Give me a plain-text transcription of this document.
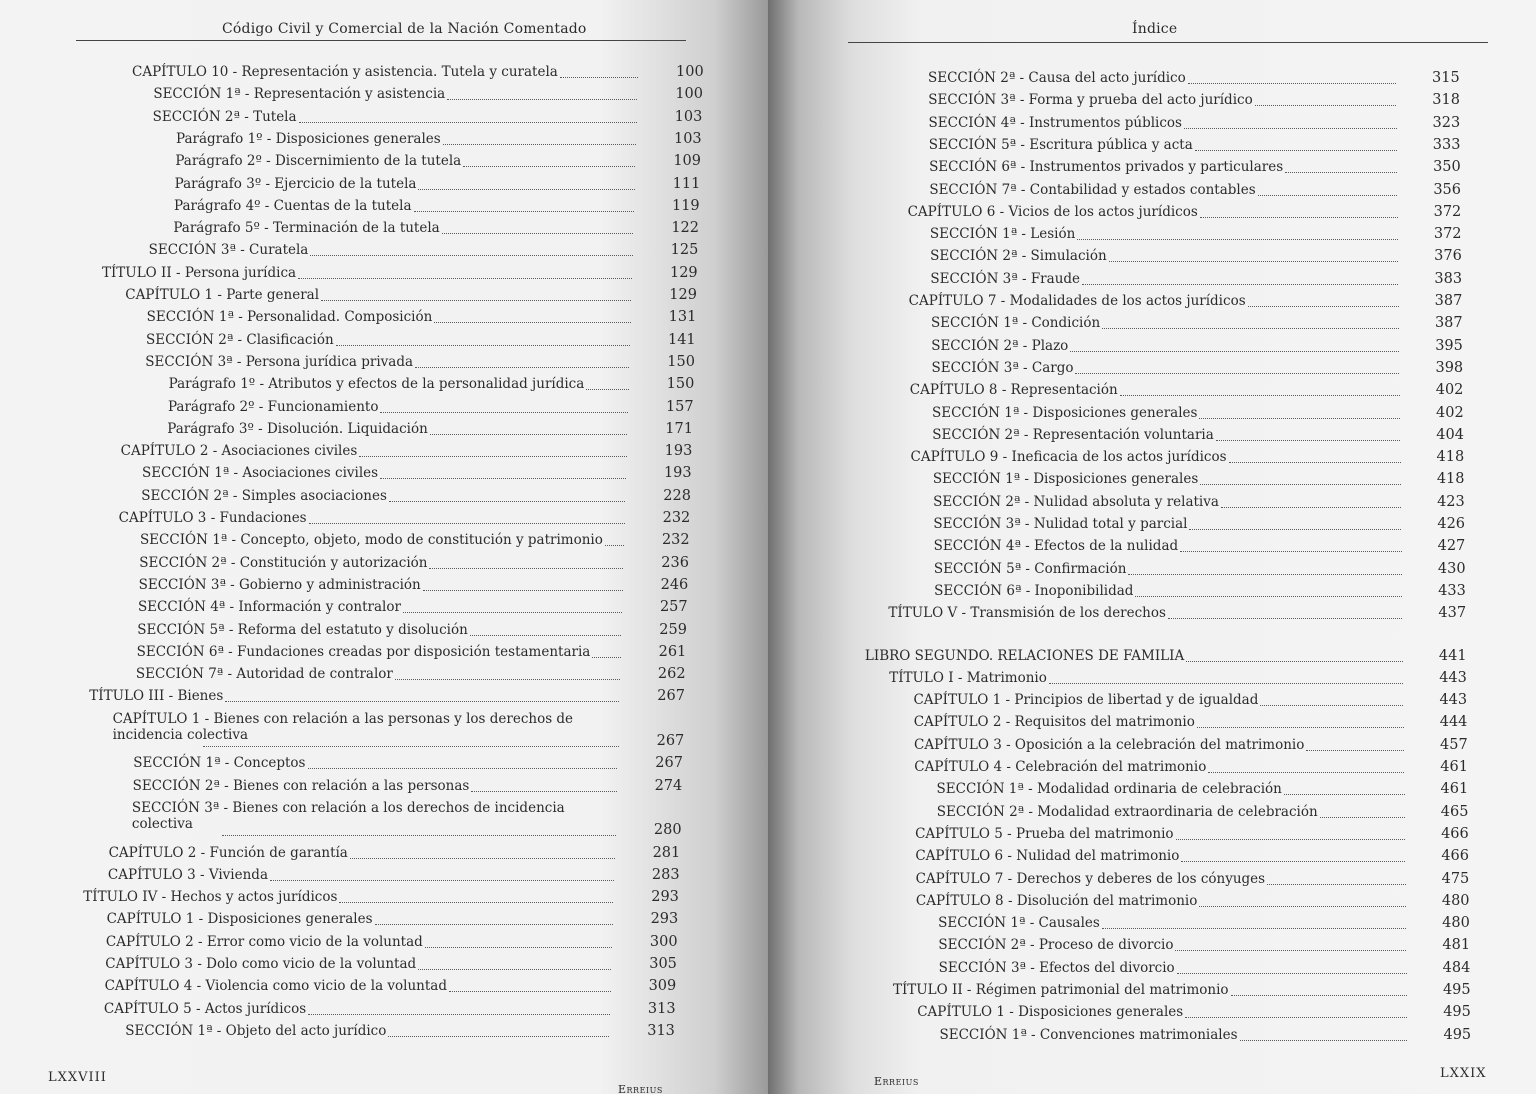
Código Civil y Comercial de la Nación Comentado
CAPÍTULO 10 - Representación y asistencia. Tutela y curatela	100
SECCIÓN 1ª - Representación y asistencia	100
SECCIÓN 2ª - Tutela	103
Parágrafo 1º - Disposiciones generales	103
Parágrafo 2º - Discernimiento de la tutela	109
Parágrafo 3º - Ejercicio de la tutela	111
Parágrafo 4º - Cuentas de la tutela	119
Parágrafo 5º - Terminación de la tutela	122
SECCIÓN 3ª - Curatela	125
TÍTULO II - Persona jurídica	129
CAPÍTULO 1 - Parte general	129
SECCIÓN 1ª - Personalidad. Composición	131
SECCIÓN 2ª - Clasificación	141
SECCIÓN 3ª - Persona jurídica privada	150
Parágrafo 1º - Atributos y efectos de la personalidad jurídica	150
Parágrafo 2º - Funcionamiento	157
Parágrafo 3º - Disolución. Liquidación	171
CAPÍTULO 2 - Asociaciones civiles	193
SECCIÓN 1ª - Asociaciones civiles	193
SECCIÓN 2ª - Simples asociaciones	228
CAPÍTULO 3 - Fundaciones	232
SECCIÓN 1ª - Concepto, objeto, modo de constitución y patrimonio	232
SECCIÓN 2ª - Constitución y autorización	236
SECCIÓN 3ª - Gobierno y administración	246
SECCIÓN 4ª - Información y contralor	257
SECCIÓN 5ª - Reforma del estatuto y disolución	259
SECCIÓN 6ª - Fundaciones creadas por disposición testamentaria	261
SECCIÓN 7ª - Autoridad de contralor	262
TÍTULO III - Bienes	267
CAPÍTULO 1 - Bienes con relación a las personas y los derechos de incidencia colectiva	267
SECCIÓN 1ª - Conceptos	267
SECCIÓN 2ª - Bienes con relación a las personas	274
SECCIÓN 3ª - Bienes con relación a los derechos de incidencia colectiva	280
CAPÍTULO 2 - Función de garantía	281
CAPÍTULO 3 - Vivienda	283
TÍTULO IV - Hechos y actos jurídicos	293
CAPÍTULO 1 - Disposiciones generales	293
CAPÍTULO 2 - Error como vicio de la voluntad	300
CAPÍTULO 3 - Dolo como vicio de la voluntad	305
CAPÍTULO 4 - Violencia como vicio de la voluntad	309
CAPÍTULO 5 - Actos jurídicos	313
SECCIÓN 1ª - Objeto del acto jurídico	313
LXXVIII
Erreius
Índice
SECCIÓN 2ª - Causa del acto jurídico	315
SECCIÓN 3ª - Forma y prueba del acto jurídico	318
SECCIÓN 4ª - Instrumentos públicos	323
SECCIÓN 5ª - Escritura pública y acta	333
SECCIÓN 6ª - Instrumentos privados y particulares	350
SECCIÓN 7ª - Contabilidad y estados contables	356
CAPÍTULO 6 - Vicios de los actos jurídicos	372
SECCIÓN 1ª - Lesión	372
SECCIÓN 2ª - Simulación	376
SECCIÓN 3ª - Fraude	383
CAPÍTULO 7 - Modalidades de los actos jurídicos	387
SECCIÓN 1ª - Condición	387
SECCIÓN 2ª - Plazo	395
SECCIÓN 3ª - Cargo	398
CAPÍTULO 8 - Representación	402
SECCIÓN 1ª - Disposiciones generales	402
SECCIÓN 2ª - Representación voluntaria	404
CAPÍTULO 9 - Ineficacia de los actos jurídicos	418
SECCIÓN 1ª - Disposiciones generales	418
SECCIÓN 2ª - Nulidad absoluta y relativa	423
SECCIÓN 3ª - Nulidad total y parcial	426
SECCIÓN 4ª - Efectos de la nulidad	427
SECCIÓN 5ª - Confirmación	430
SECCIÓN 6ª - Inoponibilidad	433
TÍTULO V - Transmisión de los derechos	437
LIBRO SEGUNDO. RELACIONES DE FAMILIA	441
TÍTULO I - Matrimonio	443
CAPÍTULO 1 - Principios de libertad y de igualdad	443
CAPÍTULO 2 - Requisitos del matrimonio	444
CAPÍTULO 3 - Oposición a la celebración del matrimonio	457
CAPÍTULO 4 - Celebración del matrimonio	461
SECCIÓN 1ª - Modalidad ordinaria de celebración	461
SECCIÓN 2ª - Modalidad extraordinaria de celebración	465
CAPÍTULO 5 - Prueba del matrimonio	466
CAPÍTULO 6 - Nulidad del matrimonio	466
CAPÍTULO 7 - Derechos y deberes de los cónyuges	475
CAPÍTULO 8 - Disolución del matrimonio	480
SECCIÓN 1ª - Causales	480
SECCIÓN 2ª - Proceso de divorcio	481
SECCIÓN 3ª - Efectos del divorcio	484
TÍTULO II - Régimen patrimonial del matrimonio	495
CAPÍTULO 1 - Disposiciones generales	495
SECCIÓN 1ª - Convenciones matrimoniales	495
Erreius
LXXIX
